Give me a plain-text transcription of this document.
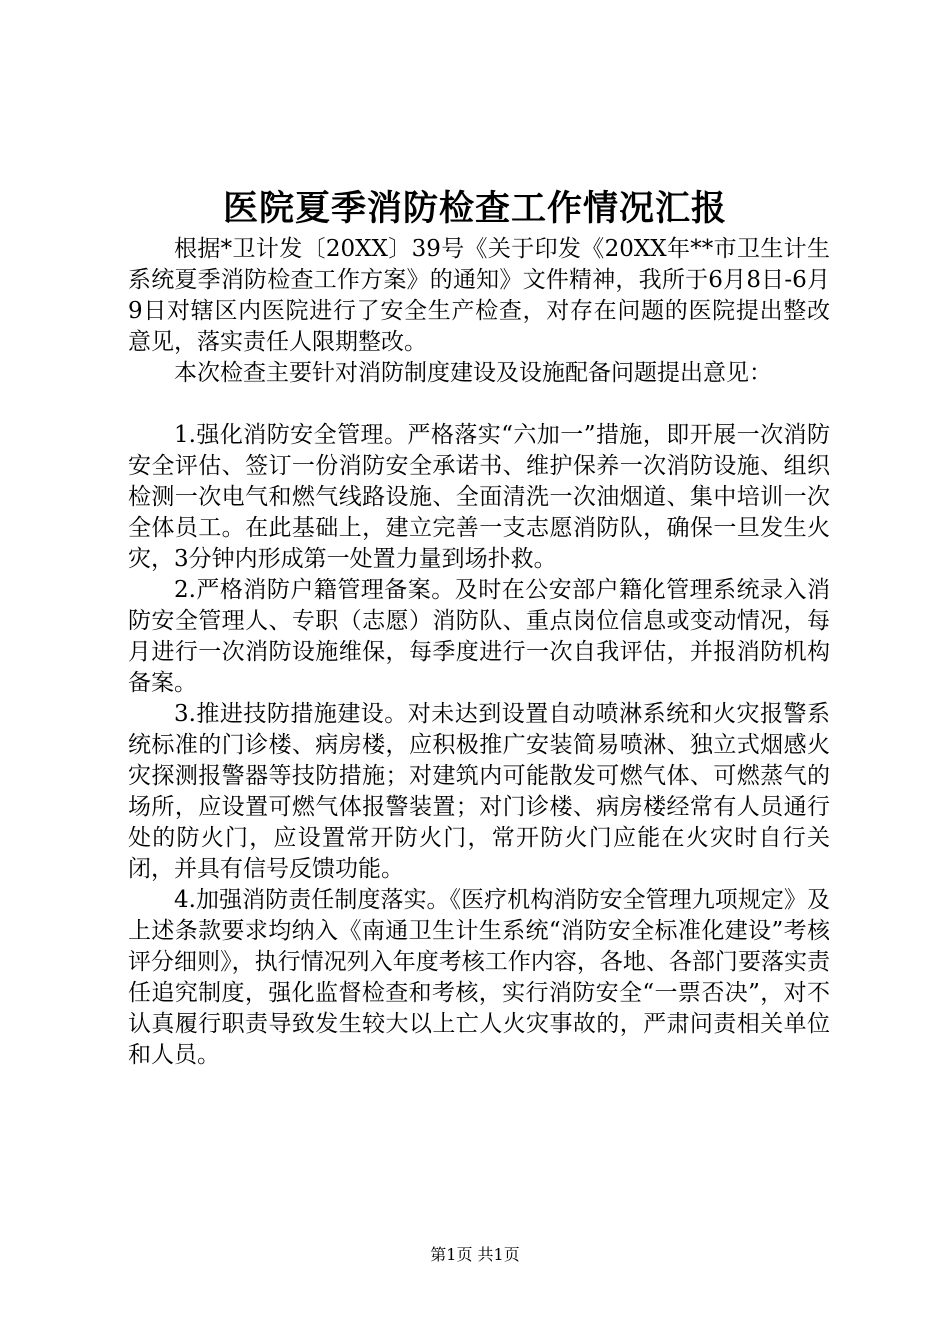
医院夏季消防检查工作情况汇报

根据*卫计发〔20XX〕39号《关于印发《20XX年**市卫生计生系统夏季消防检查工作方案》的通知》文件精神，我所于6月8日-6月9日对辖区内医院进行了安全生产检查，对存在问题的医院提出整改意见，落实责任人限期整改。

本次检查主要针对消防制度建设及设施配备问题提出意见：

1.强化消防安全管理。严格落实“六加一”措施，即开展一次消防安全评估、签订一份消防安全承诺书、维护保养一次消防设施、组织检测一次电气和燃气线路设施、全面清洗一次油烟道、集中培训一次全体员工。在此基础上，建立完善一支志愿消防队，确保一旦发生火灾，3分钟内形成第一处置力量到场扑救。

2.严格消防户籍管理备案。及时在公安部户籍化管理系统录入消防安全管理人、专职（志愿）消防队、重点岗位信息或变动情况，每月进行一次消防设施维保，每季度进行一次自我评估，并报消防机构备案。

3.推进技防措施建设。对未达到设置自动喷淋系统和火灾报警系统标准的门诊楼、病房楼，应积极推广安装简易喷淋、独立式烟感火灾探测报警器等技防措施；对建筑内可能散发可燃气体、可燃蒸气的场所，应设置可燃气体报警装置；对门诊楼、病房楼经常有人员通行处的防火门，应设置常开防火门，常开防火门应能在火灾时自行关闭，并具有信号反馈功能。

4.加强消防责任制度落实。《医疗机构消防安全管理九项规定》及上述条款要求均纳入《南通卫生计生系统“消防安全标准化建设”考核评分细则》，执行情况列入年度考核工作内容，各地、各部门要落实责任追究制度，强化监督检查和考核，实行消防安全“一票否决”，对不认真履行职责导致发生较大以上亡人火灾事故的，严肃问责相关单位和人员。

第1页 共1页
